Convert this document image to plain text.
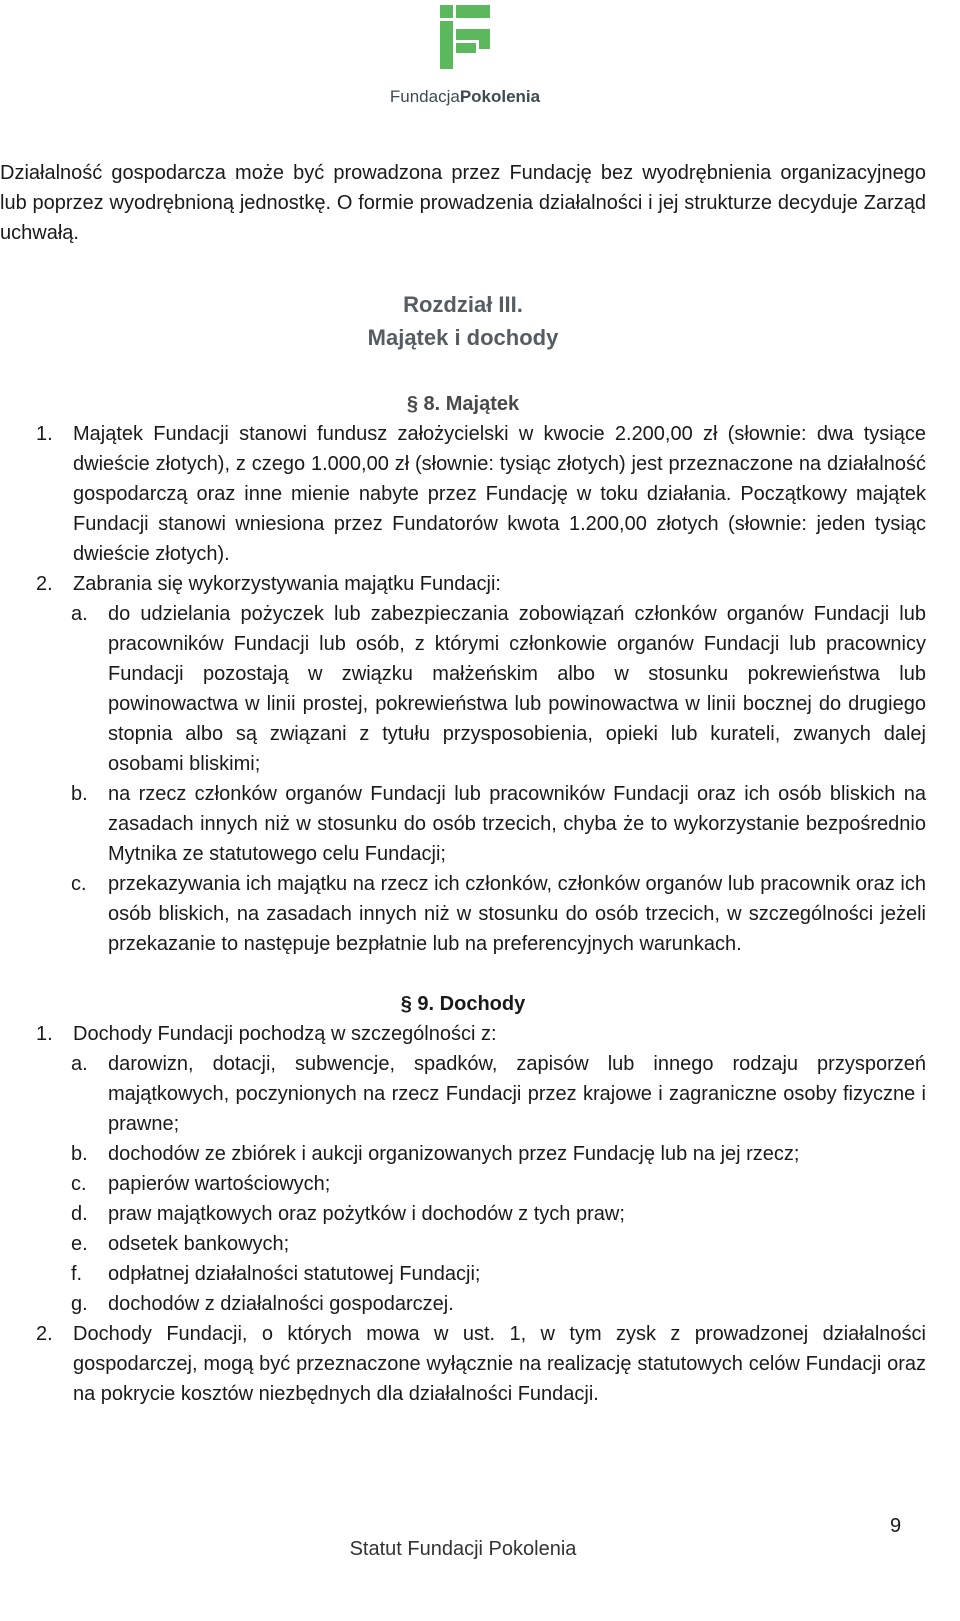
FundacjaPokolenia

Działalność gospodarcza może być prowadzona przez Fundację bez wyodrębnienia organizacyjnego lub poprzez wyodrębnioną jednostkę. O formie prowadzenia działalności i jej strukturze decyduje Zarząd uchwałą.

Rozdział III.
Majątek i dochody
§ 8. Majątek
1. Majątek Fundacji stanowi fundusz założycielski w kwocie 2.200,00 zł (słownie: dwa tysiące dwieście złotych), z czego 1.000,00 zł (słownie: tysiąc złotych) jest przeznaczone na działalność gospodarczą oraz inne mienie nabyte przez Fundację w toku działania. Początkowy majątek Fundacji stanowi wniesiona przez Fundatorów kwota 1.200,00 złotych (słownie: jeden tysiąc dwieście złotych).
2. Zabrania się wykorzystywania majątku Fundacji:
a. do udzielania pożyczek lub zabezpieczania zobowiązań członków organów Fundacji lub pracowników Fundacji lub osób, z którymi członkowie organów Fundacji lub pracownicy Fundacji pozostają w związku małżeńskim albo w stosunku pokrewieństwa lub powinowactwa w linii prostej, pokrewieństwa lub powinowactwa w linii bocznej do drugiego stopnia albo są związani z tytułu przysposobienia, opieki lub kurateli, zwanych dalej osobami bliskimi;
b. na rzecz członków organów Fundacji lub pracowników Fundacji oraz ich osób bliskich na zasadach innych niż w stosunku do osób trzecich, chyba że to wykorzystanie bezpośrednio Mytnika ze statutowego celu Fundacji;
c. przekazywania ich majątku na rzecz ich członków, członków organów lub pracownik oraz ich osób bliskich, na zasadach innych niż w stosunku do osób trzecich, w szczególności jeżeli przekazanie to następuje bezpłatnie lub na preferencyjnych warunkach.
§ 9. Dochody
1. Dochody Fundacji pochodzą w szczególności z:
a. darowizn, dotacji, subwencje, spadków, zapisów lub innego rodzaju przysporzeń majątkowych, poczynionych na rzecz Fundacji przez krajowe i zagraniczne osoby fizyczne i prawne;
b. dochodów ze zbiórek i aukcji organizowanych przez Fundację lub na jej rzecz;
c. papierów wartościowych;
d. praw majątkowych oraz pożytków i dochodów z tych praw;
e. odsetek bankowych;
f. odpłatnej działalności statutowej Fundacji;
g. dochodów z działalności gospodarczej.
2. Dochody Fundacji, o których mowa w ust. 1, w tym zysk z prowadzonej działalności gospodarczej, mogą być przeznaczone wyłącznie na realizację statutowych celów Fundacji oraz na pokrycie kosztów niezbędnych dla działalności Fundacji.
9
Statut Fundacji Pokolenia
